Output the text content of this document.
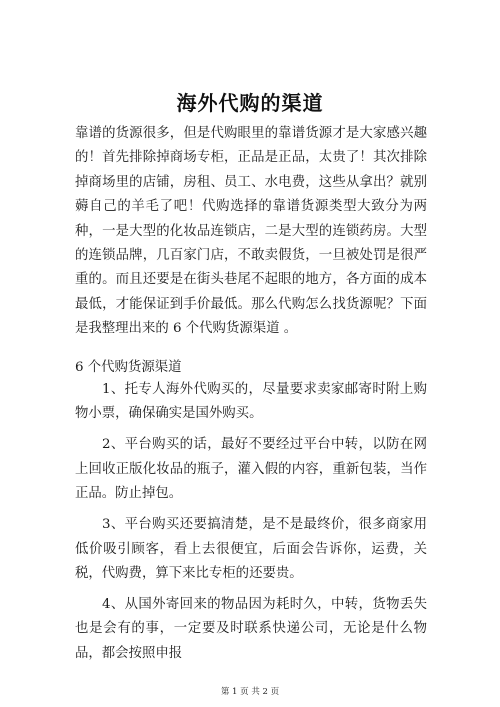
海外代购的渠道

靠谱的货源很多，但是代购眼里的靠谱货源才是大家感兴趣的！首先排除掉商场专柜，正品是正品，太贵了！其次排除掉商场里的店铺，房租、员工、水电费，这些从拿出？就别薅自己的羊毛了吧！代购选择的靠谱货源类型大致分为两种，一是大型的化妆品连锁店，二是大型的连锁药房。大型的连锁品牌，几百家门店，不敢卖假货，一旦被处罚是很严重的。而且还要是在街头巷尾不起眼的地方，各方面的成本最低，才能保证到手价最低。那么代购怎么找货源呢？下面是我整理出来的 6 个代购货源渠道 。

6 个代购货源渠道

1、托专人海外代购买的，尽量要求卖家邮寄时附上购物小票，确保确实是国外购买。

2、平台购买的话，最好不要经过平台中转，以防在网上回收正版化妆品的瓶子，灌入假的内容，重新包装，当作正品。防止掉包。

3、平台购买还要搞清楚，是不是最终价，很多商家用低价吸引顾客，看上去很便宜，后面会告诉你，运费，关税，代购费，算下来比专柜的还要贵。

4、从国外寄回来的物品因为耗时久，中转，货物丢失也是会有的事，一定要及时联系快递公司，无论是什么物品，都会按照申报

第 1 页 共 2 页
